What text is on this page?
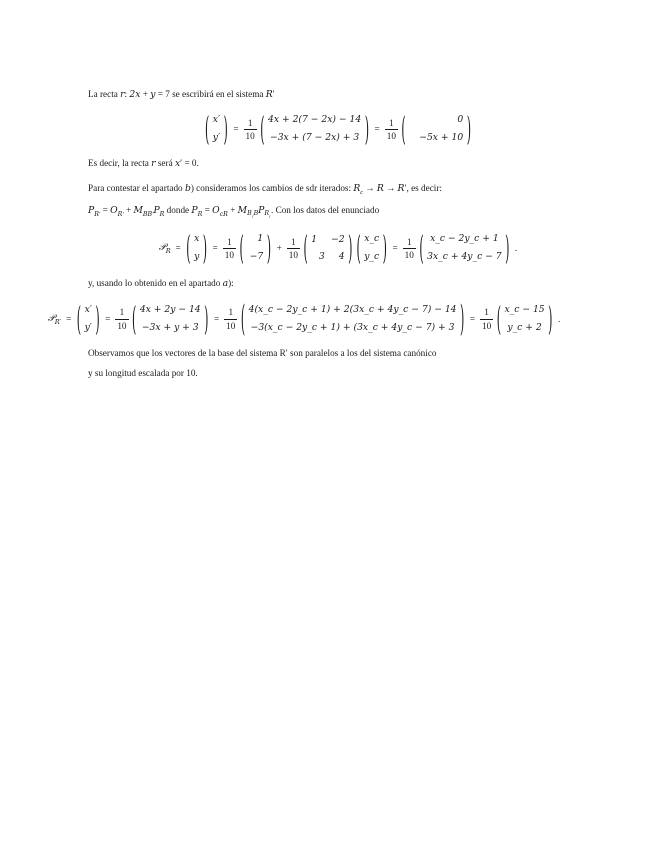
La recta r: 2x + y = 7 se escribirá en el sistema R′

( x′
y′ ) = $\frac{1}{10}$ ( 4x + 2(7 − 2x) − 14
−3x + (7 − 2x) + 3 ) = $\frac{1}{10}$ (	0
−5x + 10 )

Es decir, la recta r será x′ = 0.

Para contestar el apartado b) consideramos los cambios de sdr iterados: $R_c \to R \to R'$, es decir:

$P_{R'} = O_{R'} + M_{BB'}P_R$ donde $P_R = O_{cR} + M_{B_cB}P_{R_c}$. Con los datos del enunciado

𝒫$_R$ = ( x
y ) = $\frac{1}{10}$ (	1
−7 ) + $\frac{1}{10}$ ( 1 −2
3 4 ) ( x_c
y_c ) = $\frac{1}{10}$ ( x_c − 2y_c + 1
3x_c + 4y_c − 7 ) .

y, usando lo obtenido en el apartado a):

𝒫$_{R'}$ = ( x′
y′ ) = $\frac{1}{10}$ ( 4x + 2y − 14
−3x + y + 3 ) = $\frac{1}{10}$ ( 4(x_c − 2y_c + 1) + 2(3x_c + 4y_c − 7) − 14
−3(x_c − 2y_c + 1) + (3x_c + 4y_c − 7) + 3 ) = $\frac{1}{10}$ ( x_c − 15
y_c + 2 ) .

Observamos que los vectores de la base del sistema R′ son paralelos a los del sistema canónico

y su longitud escalada por 10.
